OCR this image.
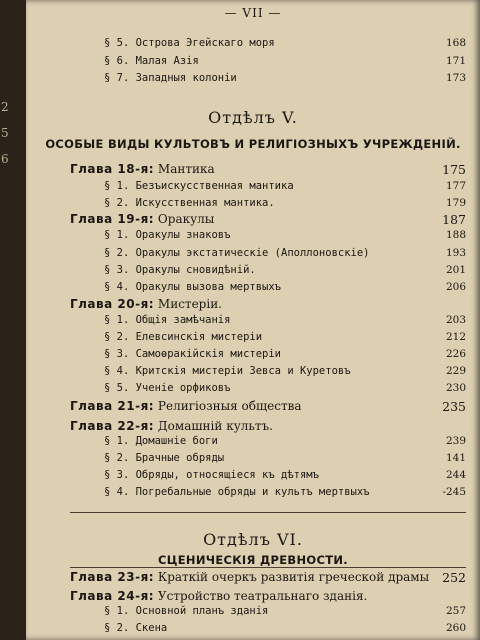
2
5
6
— VII —
§ 5. Острова Эгейскаго моря	168
§ 6. Малая Азія	171
§ 7. Западныя колоніи	173
Отдѣлъ V.
ОСОБЫЕ ВИДЫ КУЛЬТОВЪ И РЕЛИГІОЗНЫХЪ УЧРЕЖДЕНІЙ.
Глава 18-я: Мантика	175
§ 1. Безъискусственная мантика	177
§ 2. Искусственная мантика.	179
Глава 19-я: Оракулы	187
§ 1. Оракулы знаковъ	188
§ 2. Оракулы экстатическіе (Аполлоновскіе)	193
§ 3. Оракулы сновидѣній.	201
§ 4. Оракулы вызова мертвыхъ	206
Глава 20-я: Мистеріи.
§ 1. Общія замѣчанія	203
§ 2. Елевсинскія мистеріи	212
§ 3. Самоѳракійскія мистеріи	226
§ 4. Критскія мистеріи Зевса и Куретовъ	229
§ 5. Ученіе орфиковъ	230
Глава 21-я: Религіозныя общества	235
Глава 22-я: Домашній культъ.
§ 1. Домашніе боги	239
§ 2. Брачные обряды	141
§ 3. Обряды, относящіеся къ дѣтямъ	244
§ 4. Погребальные обряды и культъ мертвыхъ	-245
Отдѣлъ VI.
СЦЕНИЧЕСКІЯ ДРЕВНОСТИ.
Глава 23-я: Краткій очеркъ развитія греческой драмы 252
Глава 24-я: Устройство театральнаго зданія.
§ 1. Основной планъ зданія	257
§ 2. Скена	260
